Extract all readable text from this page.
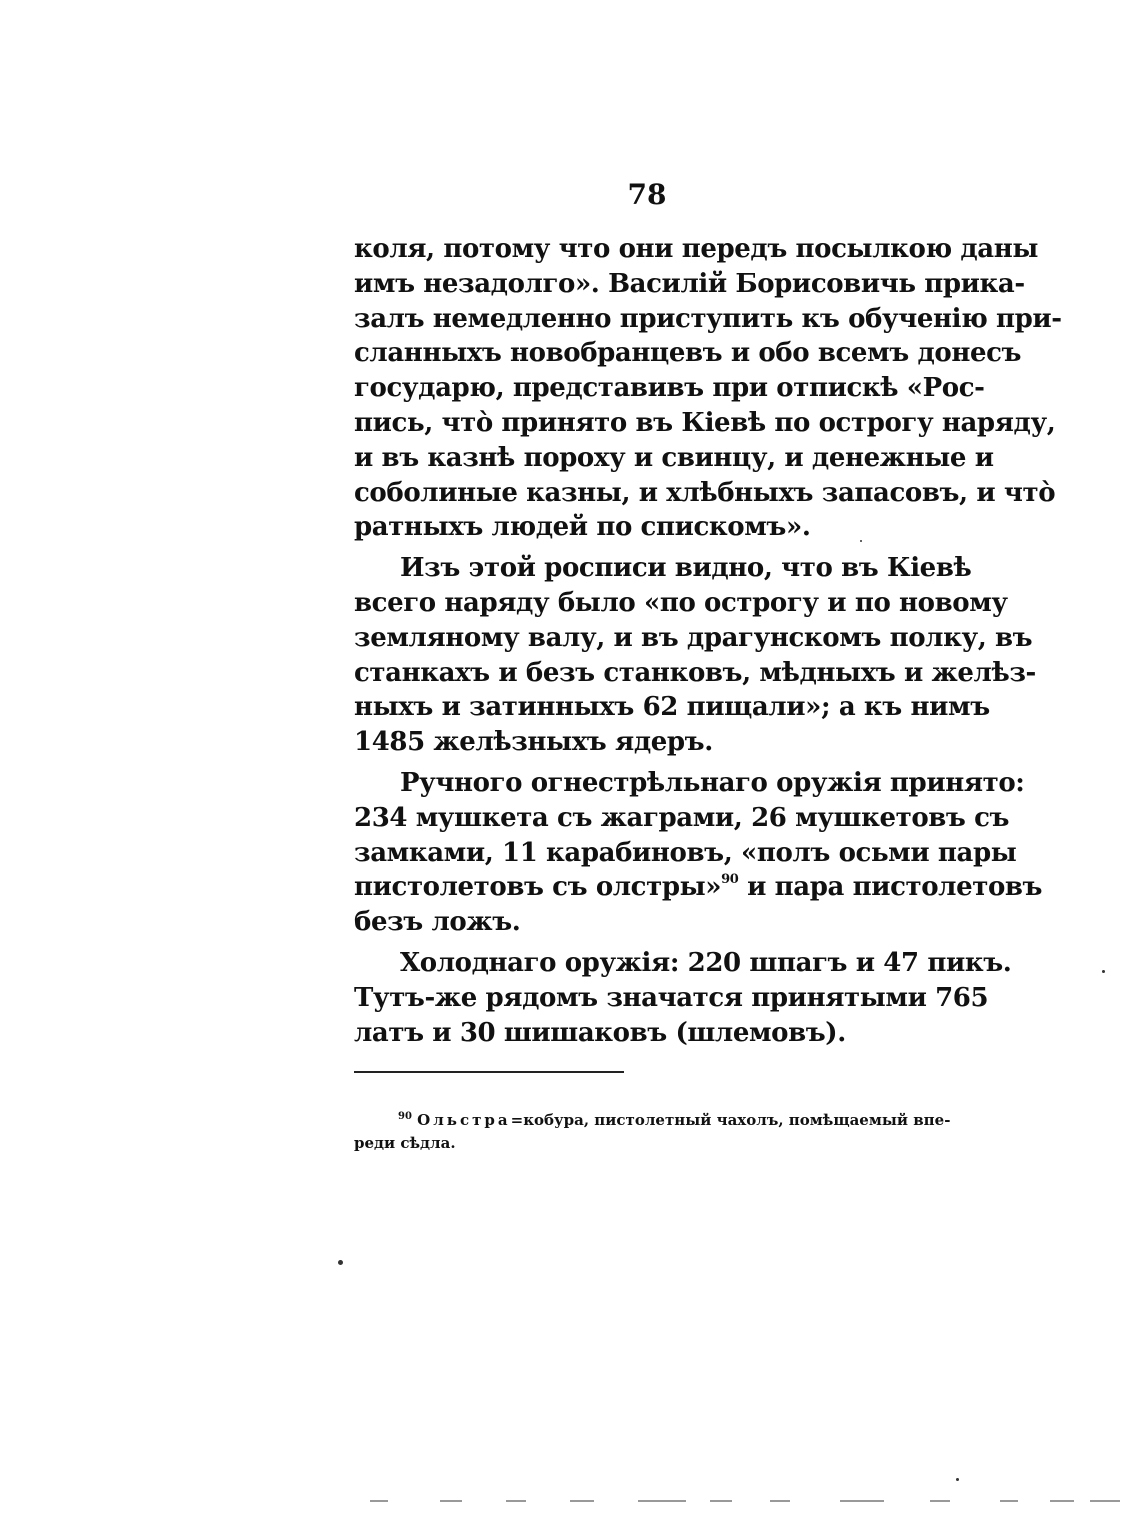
78
коля, потому что они передъ посылкою даны
имъ незадолго». Василій Борисовичь прика-
залъ немедленно приступить къ обученію при-
сланныхъ новобранцевъ и обо всемъ донесъ
государю, представивъ при отпискѣ «Рос-
пись, что̀ принято въ Кіевѣ по острогу наряду,
и въ казнѣ пороху и свинцу, и денежные и
соболиные казны, и хлѣбныхъ запасовъ, и что̀
ратныхъ людей по спискомъ».
Изъ этой росписи видно, что въ Кіевѣ
всего наряду было «по острогу и по новому
земляному валу, и въ драгунскомъ полку, въ
станкахъ и безъ станковъ, мѣдныхъ и желѣз-
ныхъ и затинныхъ 62 пищали»; а къ нимъ
1485 желѣзныхъ ядеръ.
Ручного огнестрѣльнаго оружія принято:
234 мушкета съ жаграми, 26 мушкетовъ съ
замками, 11 карабиновъ, «полъ осьми пары
пистолетовъ съ олстры»$^{90}$ и пара пистолетовъ
безъ ложъ.
Холоднаго оружія: 220 шпагъ и 47 пикъ.
Тутъ-же рядомъ значатся принятыми 765
латъ и 30 шишаковъ (шлемовъ).
$^{90}$ Ольстра=кобура, пистолетный чахолъ, помѣщаемый впе-
реди сѣдла.
